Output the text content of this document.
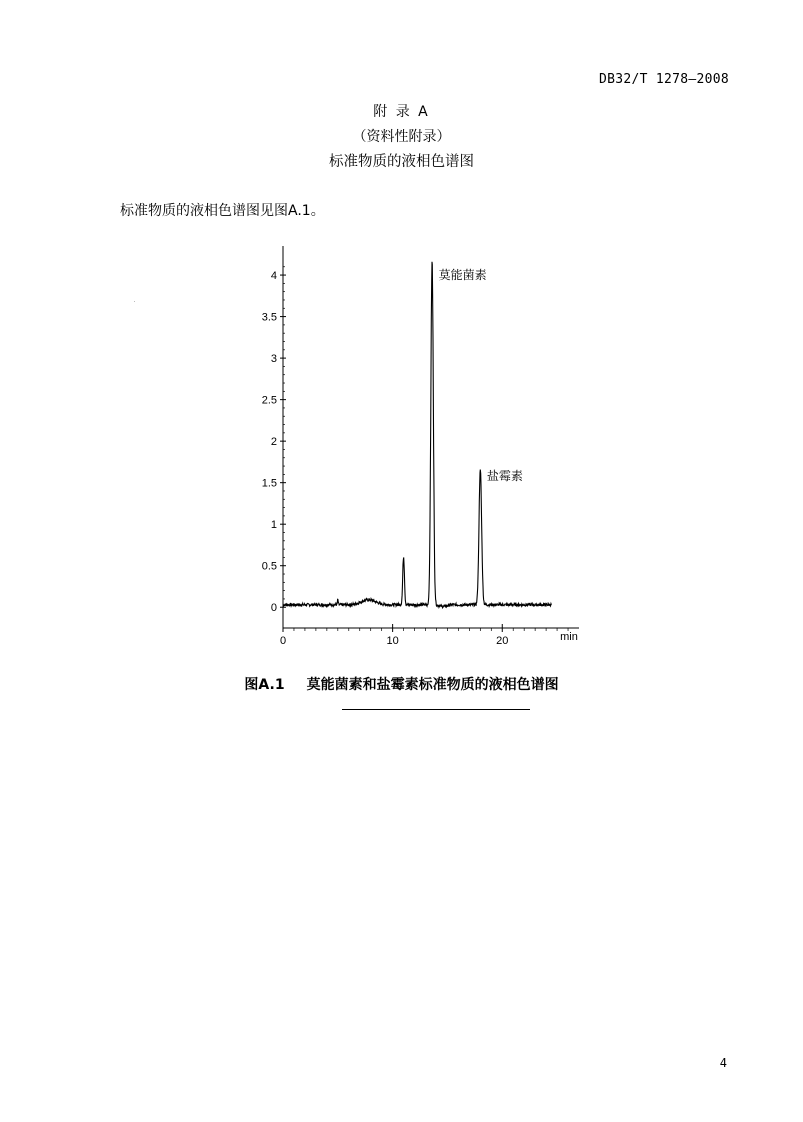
DB32/T 1278—2008
附 录 A
（资料性附录）
标准物质的液相色谱图
标准物质的液相色谱图见图A.1。
0
0.5
1
1.5
2
2.5
3
3.5
4
0	10	20	min
莫能菌素
盐霉素
图A.1 莫能菌素和盐霉素标准物质的液相色谱图
4
